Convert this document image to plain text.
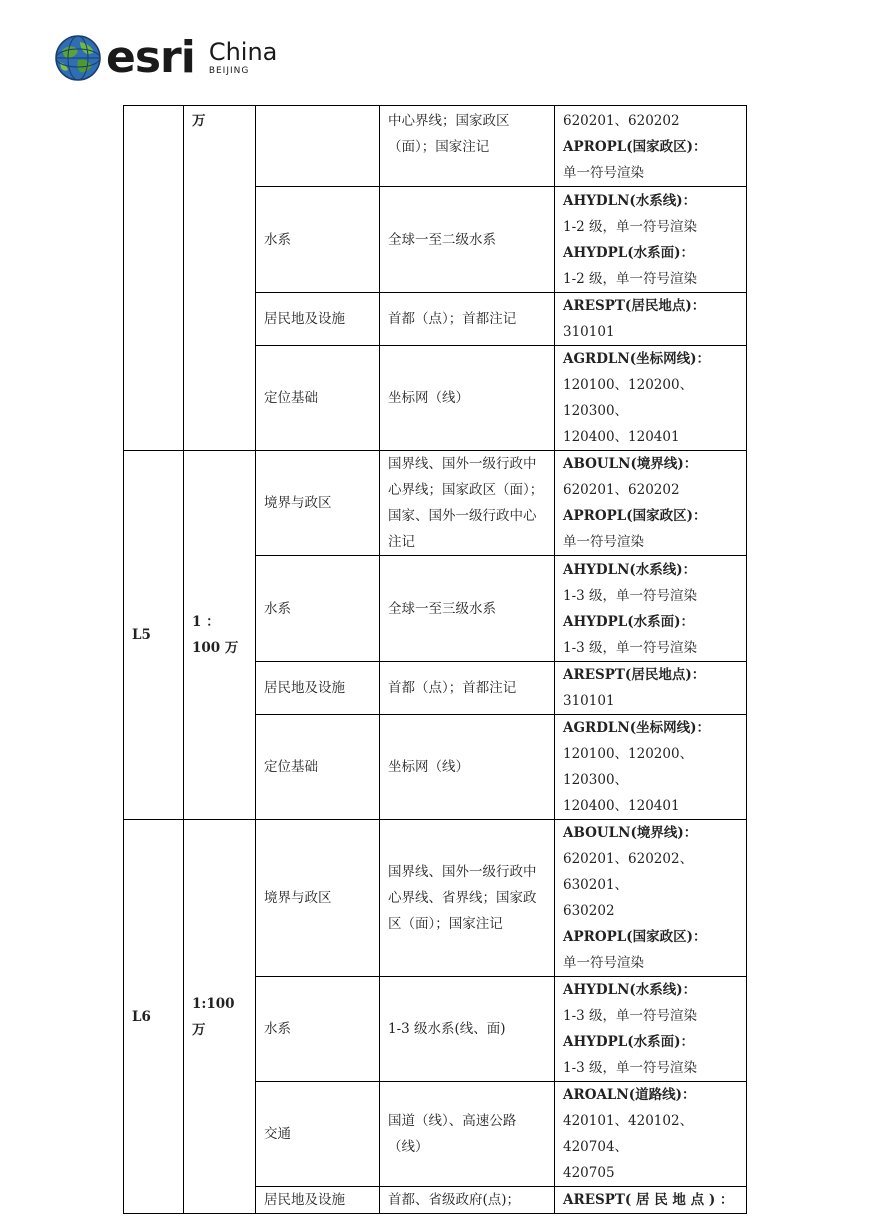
esri China
BEIJING
	万		中心界线；国家政区（面）；国家注记	620201、620202
APROPL(国家政区)：
单一符号渲染

		水系	全球一至二级水系	AHYDLN(水系线)：
1-2 级，单一符号渲染
AHYDPL(水系面)：
1-2 级，单一符号渲染

		居民地及设施	首都（点）；首都注记	ARESPT(居民地点)：
310101

		定位基础	坐标网（线）	AGRDLN(坐标网线)：
120100、120200、120300、
120400、120401

L5	1 ： 100 万	境界与政区	国界线、国外一级行政中心界线；国家政区（面）；国家、国外一级行政中心注记	ABOULN(境界线)：
620201、620202
APROPL(国家政区)：
单一符号渲染

		水系	全球一至三级水系	AHYDLN(水系线)：
1-3 级，单一符号渲染
AHYDPL(水系面)：
1-3 级，单一符号渲染

		居民地及设施	首都（点）；首都注记	ARESPT(居民地点)：
310101

		定位基础	坐标网（线）	AGRDLN(坐标网线)：
120100、120200、120300、
120400、120401

L6	1:100 万	境界与政区	国界线、国外一级行政中心界线、省界线；国家政区（面）；国家注记	ABOULN(境界线)：
620201、620202、630201、
630202
APROPL(国家政区)：
单一符号渲染

		水系	1-3 级水系(线、面)	AHYDLN(水系线)：
1-3 级，单一符号渲染
AHYDPL(水系面)：
1-3 级，单一符号渲染

		交通	国道（线）、高速公路（线）	AROALN(道路线)：
420101、420102、420704、
420705

		居民地及设施	首都、省级政府(点)；	ARESPT( 居 民 地 点 ) ：
